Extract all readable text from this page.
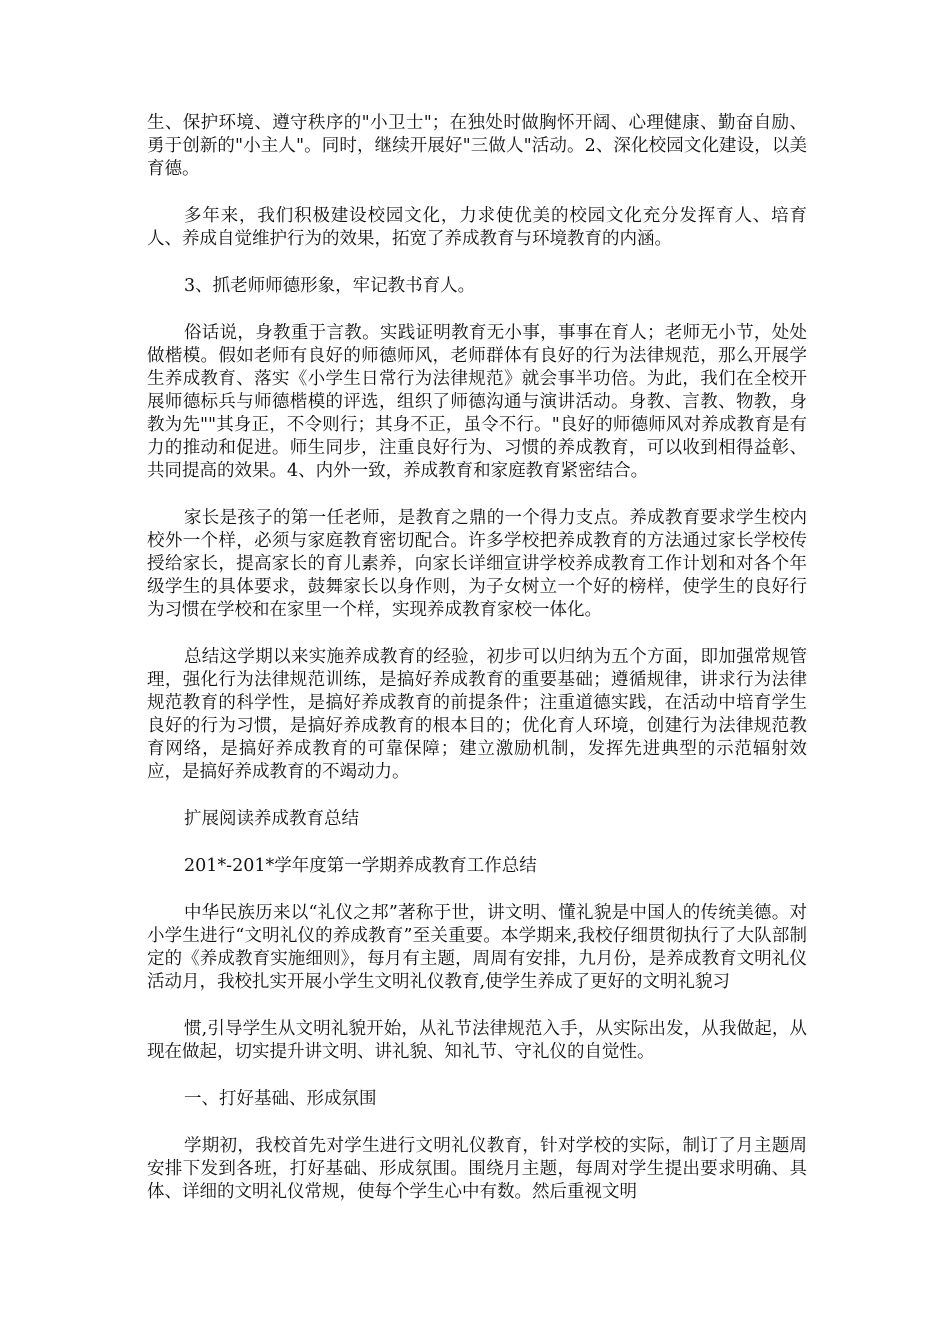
生、保护环境、遵守秩序的"小卫士"；在独处时做胸怀开阔、心理健康、勤奋自励、勇于创新的"小主人"。同时，继续开展好"三做人"活动。2、深化校园文化建设，以美育德。

多年来，我们积极建设校园文化，力求使优美的校园文化充分发挥育人、培育人、养成自觉维护行为的效果，拓宽了养成教育与环境教育的内涵。

3、抓老师师德形象，牢记教书育人。

俗话说，身教重于言教。实践证明教育无小事，事事在育人；老师无小节，处处做楷模。假如老师有良好的师德师风，老师群体有良好的行为法律规范，那么开展学生养成教育、落实《小学生日常行为法律规范》就会事半功倍。为此，我们在全校开展师德标兵与师德楷模的评选，组织了师德沟通与演讲活动。身教、言教、物教，身教为先""其身正，不令则行；其身不正，虽令不行。"良好的师德师风对养成教育是有力的推动和促进。师生同步，注重良好行为、习惯的养成教育，可以收到相得益彰、共同提高的效果。4、内外一致，养成教育和家庭教育紧密结合。

家长是孩子的第一任老师，是教育之鼎的一个得力支点。养成教育要求学生校内校外一个样，必须与家庭教育密切配合。许多学校把养成教育的方法通过家长学校传授给家长，提高家长的育儿素养，向家长详细宣讲学校养成教育工作计划和对各个年级学生的具体要求，鼓舞家长以身作则，为子女树立一个好的榜样，使学生的良好行为习惯在学校和在家里一个样，实现养成教育家校一体化。

总结这学期以来实施养成教育的经验，初步可以归纳为五个方面，即加强常规管理，强化行为法律规范训练，是搞好养成教育的重要基础；遵循规律，讲求行为法律规范教育的科学性，是搞好养成教育的前提条件；注重道德实践，在活动中培育学生良好的行为习惯，是搞好养成教育的根本目的；优化育人环境，创建行为法律规范教育网络，是搞好养成教育的可靠保障；建立激励机制，发挥先进典型的示范辐射效应，是搞好养成教育的不竭动力。

扩展阅读养成教育总结

201*-201*学年度第一学期养成教育工作总结

中华民族历来以“礼仪之邦”著称于世，讲文明、懂礼貌是中国人的传统美德。对小学生进行“文明礼仪的养成教育”至关重要。本学期来,我校仔细贯彻执行了大队部制定的《养成教育实施细则》，每月有主题，周周有安排，九月份，是养成教育文明礼仪活动月，我校扎实开展小学生文明礼仪教育,使学生养成了更好的文明礼貌习

惯,引导学生从文明礼貌开始，从礼节法律规范入手，从实际出发，从我做起，从现在做起，切实提升讲文明、讲礼貌、知礼节、守礼仪的自觉性。

一、打好基础、形成氛围

学期初，我校首先对学生进行文明礼仪教育，针对学校的实际，制订了月主题周安排下发到各班，打好基础、形成氛围。围绕月主题，每周对学生提出要求明确、具体、详细的文明礼仪常规，使每个学生心中有数。然后重视文明
